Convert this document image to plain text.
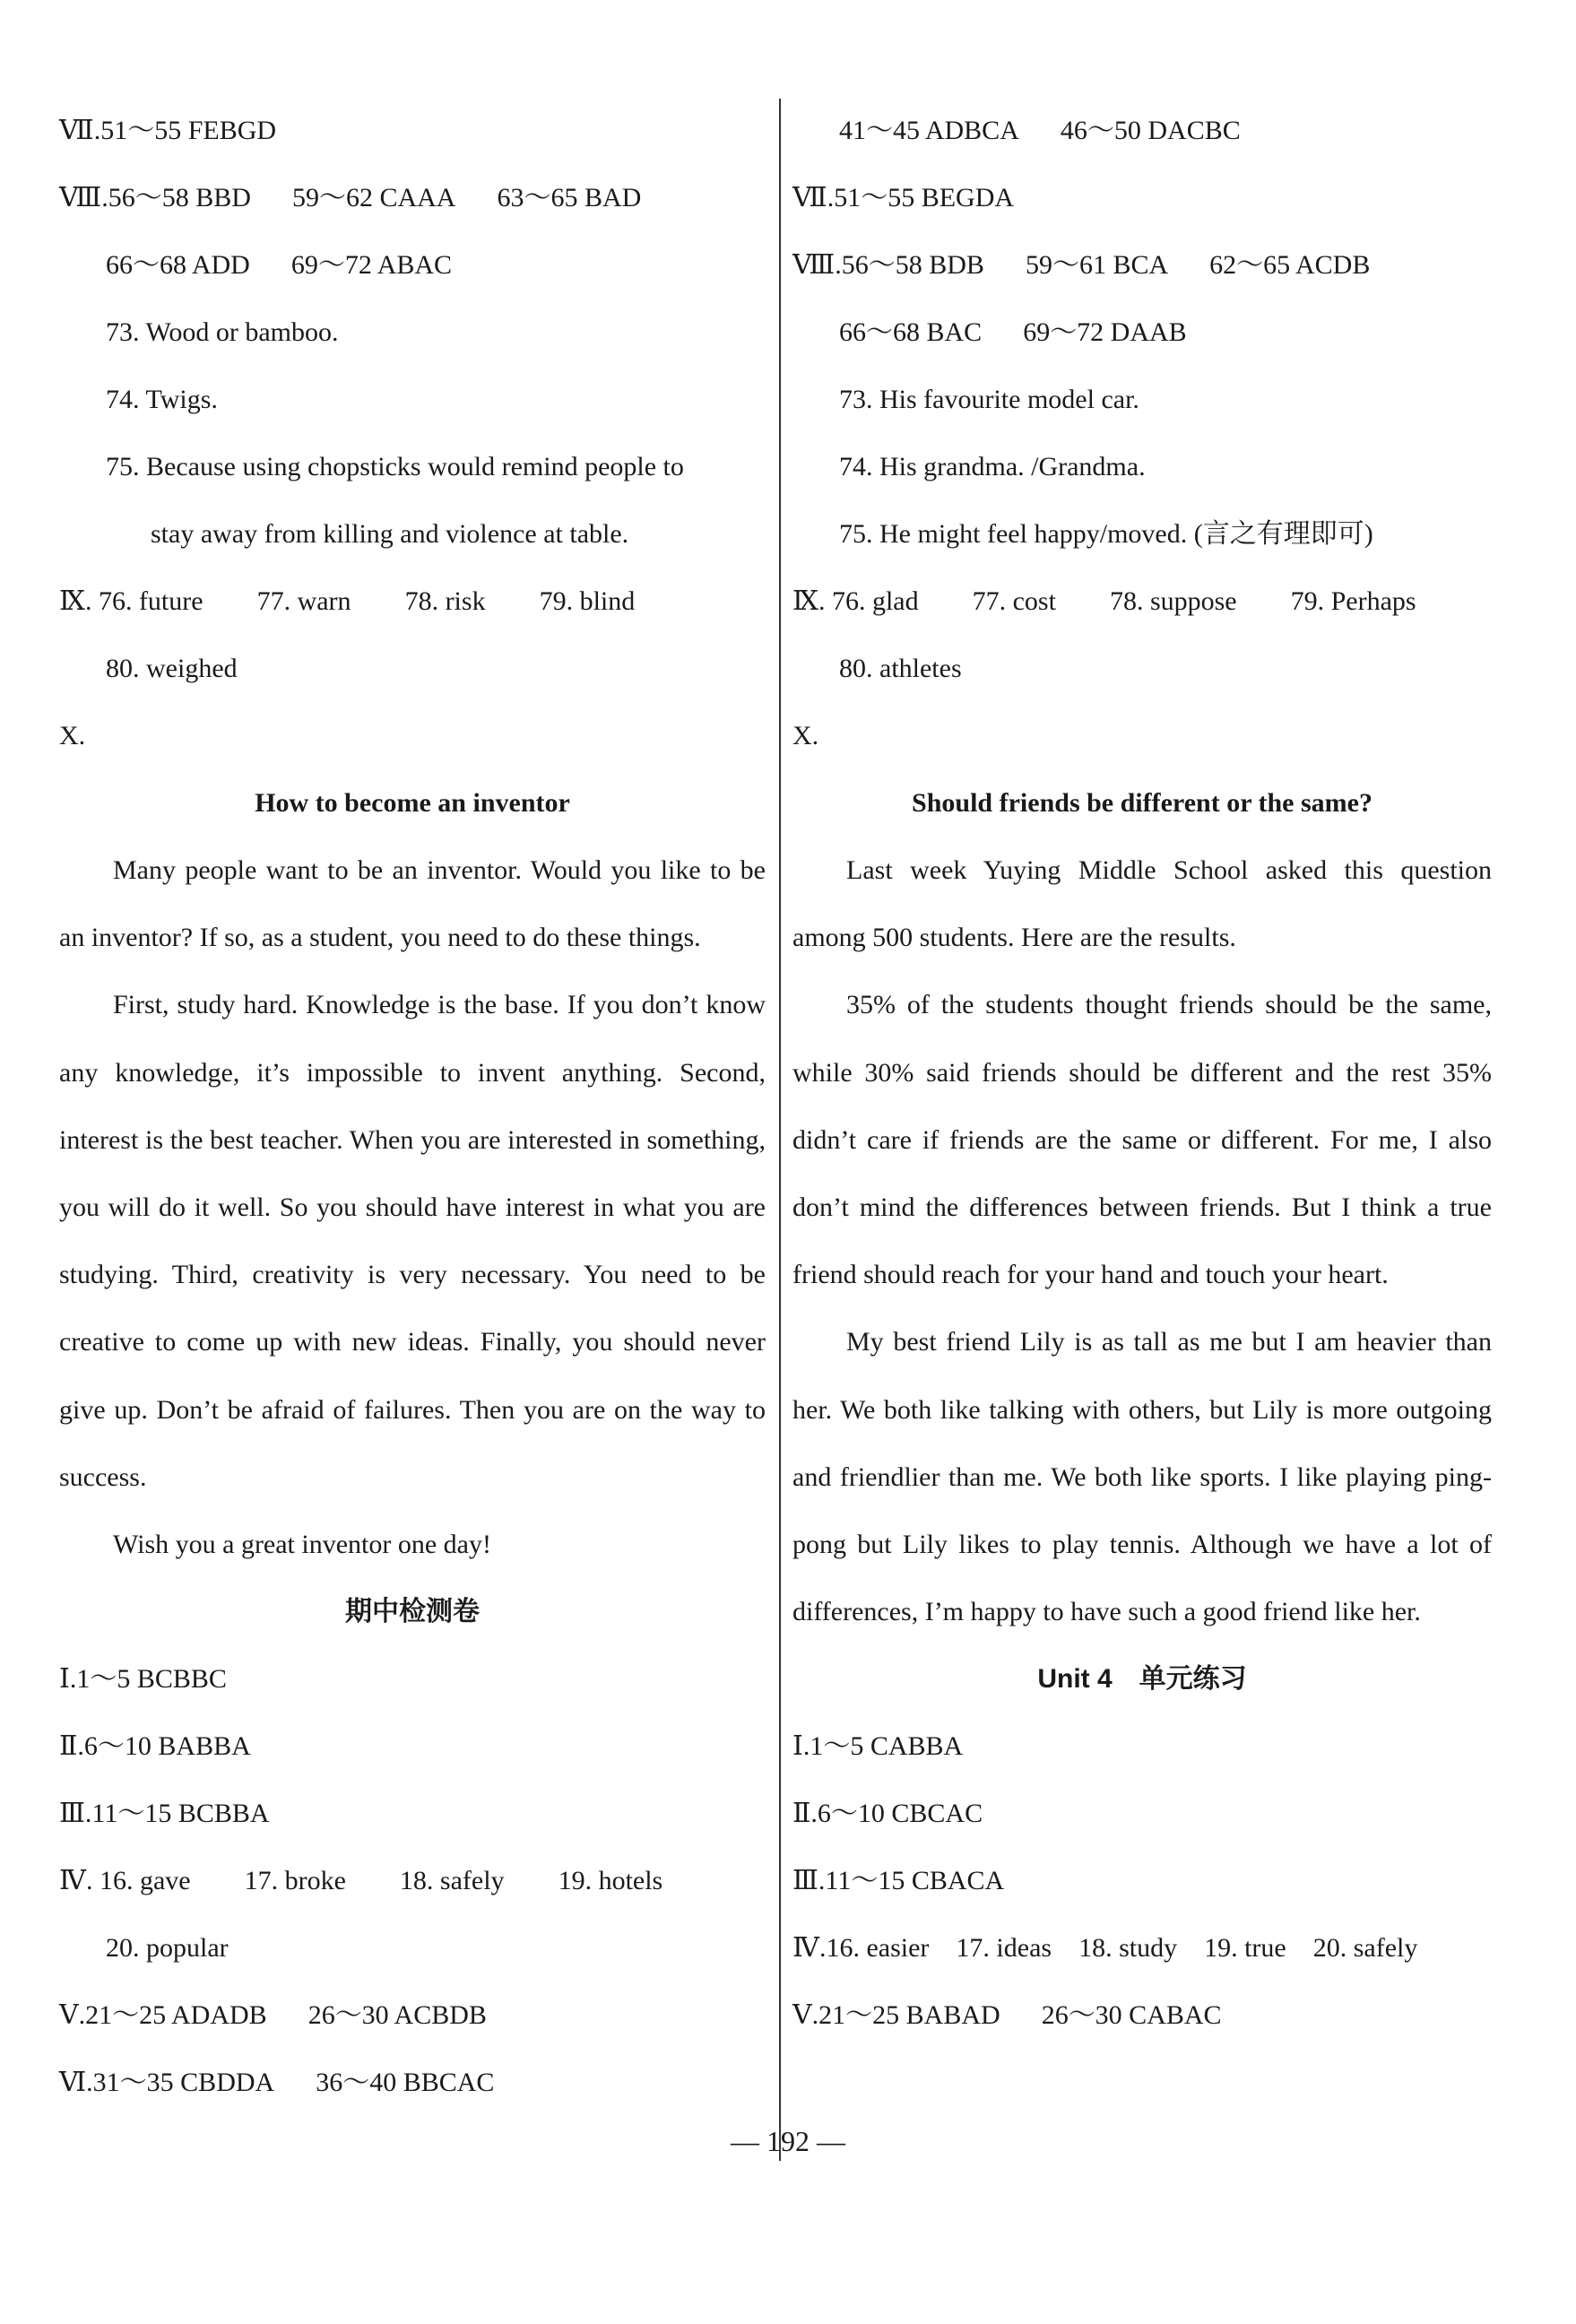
Ⅶ.51～55 FEBGD
Ⅷ.56～58 BBD 59～62 CAAA 63～65 BAD
66～68 ADD 69～72 ABAC
73. Wood or bamboo.
74. Twigs.
75. Because using chopsticks would remind people to
stay away from killing and violence at table.
Ⅸ. 76. future 77. warn 78. risk 79. blind
80. weighed
X.
How to become an inventor

Many people want to be an inventor. Would you like to be an inventor? If so, as a student, you need to do these things.

First, study hard. Knowledge is the base. If you don’t know any knowledge, it’s impossible to invent anything. Second, interest is the best teacher. When you are interested in something, you will do it well. So you should have interest in what you are studying. Third, creativity is very necessary. You need to be creative to come up with new ideas. Finally, you should never give up. Don’t be afraid of failures. Then you are on the way to success.

Wish you a great inventor one day!

期中检测卷
Ⅰ.1～5 BCBBC
Ⅱ.6～10 BABBA
Ⅲ.11～15 BCBBA
Ⅳ. 16. gave 17. broke 18. safely 19. hotels
20. popular
Ⅴ.21～25 ADADB 26～30 ACBDB
Ⅵ.31～35 CBDDA 36～40 BBCAC
41～45 ADBCA 46～50 DACBC
Ⅶ.51～55 BEGDA
Ⅷ.56～58 BDB 59～61 BCA 62～65 ACDB
66～68 BAC 69～72 DAAB
73. His favourite model car.
74. His grandma. /Grandma.
75. He might feel happy/moved. (言之有理即可)
Ⅸ. 76. glad 77. cost 78. suppose 79. Perhaps
80. athletes
X.
Should friends be different or the same?

Last week Yuying Middle School asked this question among 500 students. Here are the results.

35% of the students thought friends should be the same, while 30% said friends should be different and the rest 35% didn’t care if friends are the same or different. For me, I also don’t mind the differences between friends. But I think a true friend should reach for your hand and touch your heart.

My best friend Lily is as tall as me but I am heavier than her. We both like talking with others, but Lily is more outgoing and friendlier than me. We both like sports. I like playing ping-pong but Lily likes to play tennis. Although we have a lot of differences, I’m happy to have such a good friend like her.

Unit 4　单元练习
Ⅰ.1～5 CABBA
Ⅱ.6～10 CBCAC
Ⅲ.11～15 CBACA
Ⅳ.16. easier 17. ideas 18. study 19. true 20. safely
Ⅴ.21～25 BABAD 26～30 CABAC
— 192 —
